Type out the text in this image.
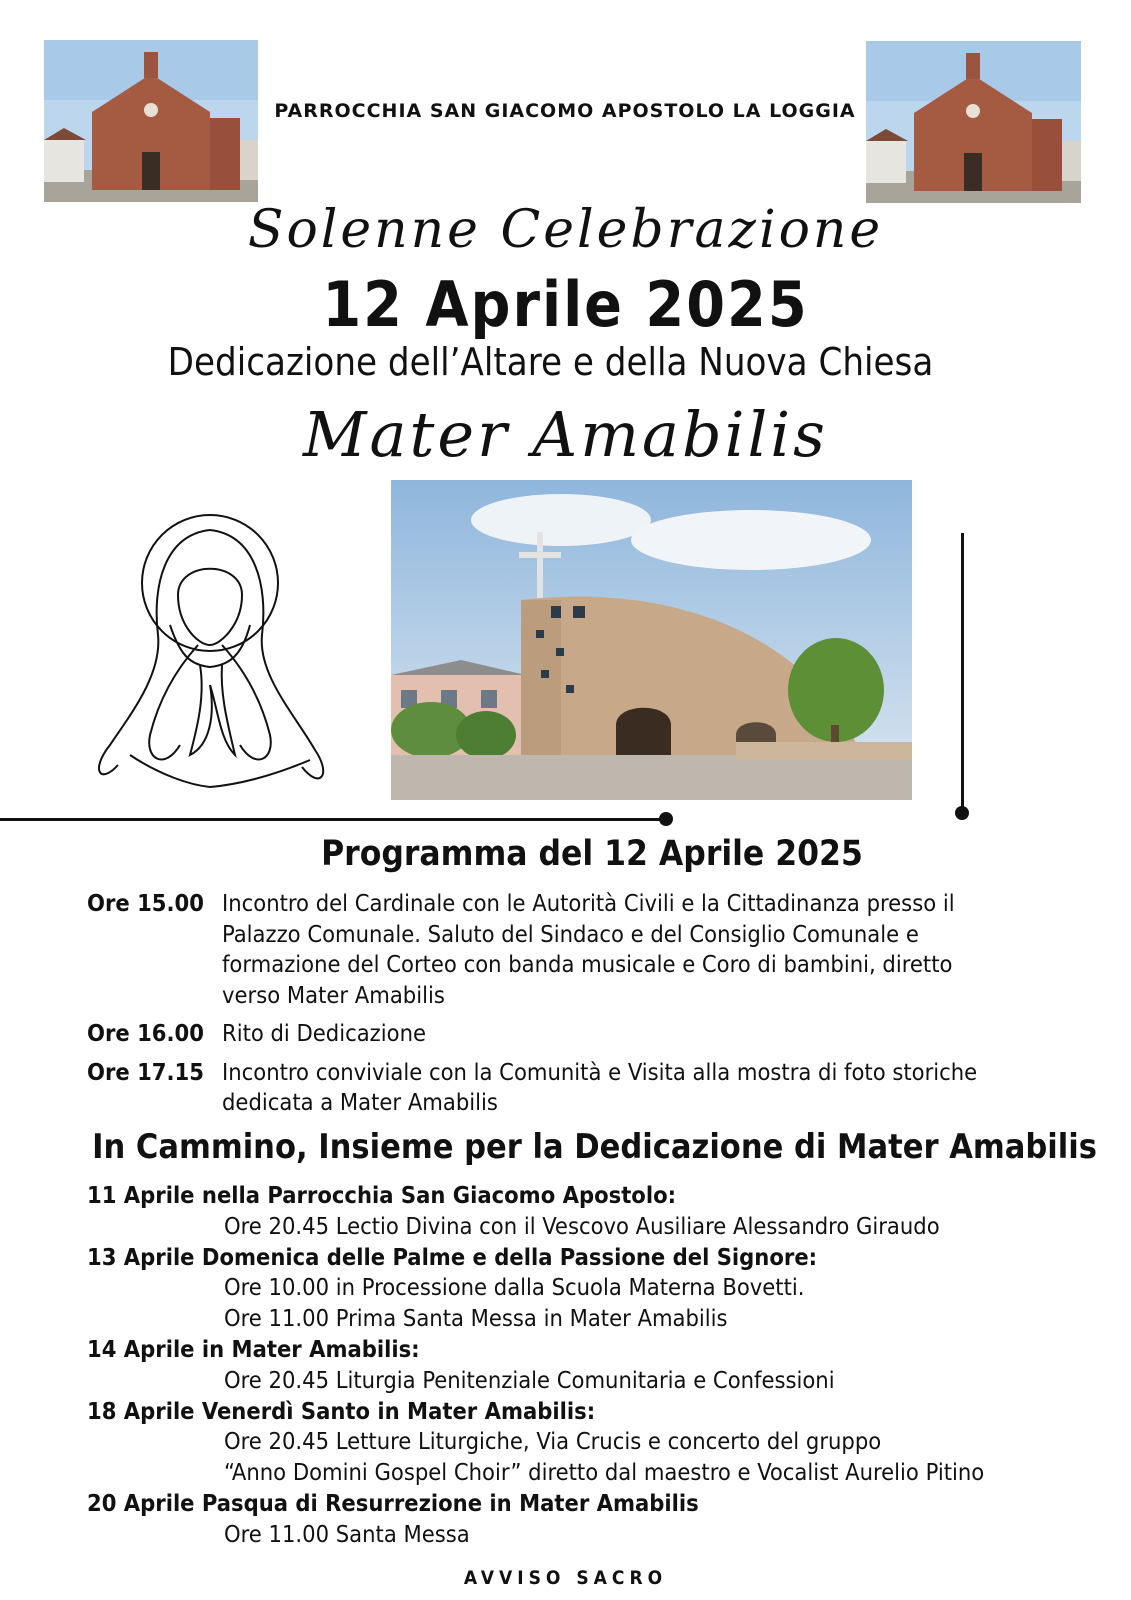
PARROCCHIA SAN GIACOMO APOSTOLO LA LOGGIA
Solenne Celebrazione
12 Aprile 2025
Dedicazione dell’Altare e della Nuova Chiesa
Mater Amabilis
Programma del 12 Aprile 2025
Ore 15.00 Incontro del Cardinale con le Autorità Civili e la Cittadinanza presso il
Palazzo Comunale. Saluto del Sindaco e del Consiglio Comunale e
formazione del Corteo con banda musicale e Coro di bambini, diretto
verso Mater Amabilis
Ore 16.00 Rito di Dedicazione
Ore 17.15 Incontro conviviale con la Comunità e Visita alla mostra di foto storiche
dedicata a Mater Amabilis
In Cammino, Insieme per la Dedicazione di Mater Amabilis
11 Aprile nella Parrocchia San Giacomo Apostolo:
Ore 20.45 Lectio Divina con il Vescovo Ausiliare Alessandro Giraudo
13 Aprile Domenica delle Palme e della Passione del Signore:
Ore 10.00 in Processione dalla Scuola Materna Bovetti.
Ore 11.00 Prima Santa Messa in Mater Amabilis
14 Aprile in Mater Amabilis:
Ore 20.45 Liturgia Penitenziale Comunitaria e Confessioni
18 Aprile Venerdì Santo in Mater Amabilis:
Ore 20.45 Letture Liturgiche, Via Crucis e concerto del gruppo
“Anno Domini Gospel Choir” diretto dal maestro e Vocalist Aurelio Pitino
20 Aprile Pasqua di Resurrezione in Mater Amabilis
Ore 11.00 Santa Messa
AVVISO SACRO
